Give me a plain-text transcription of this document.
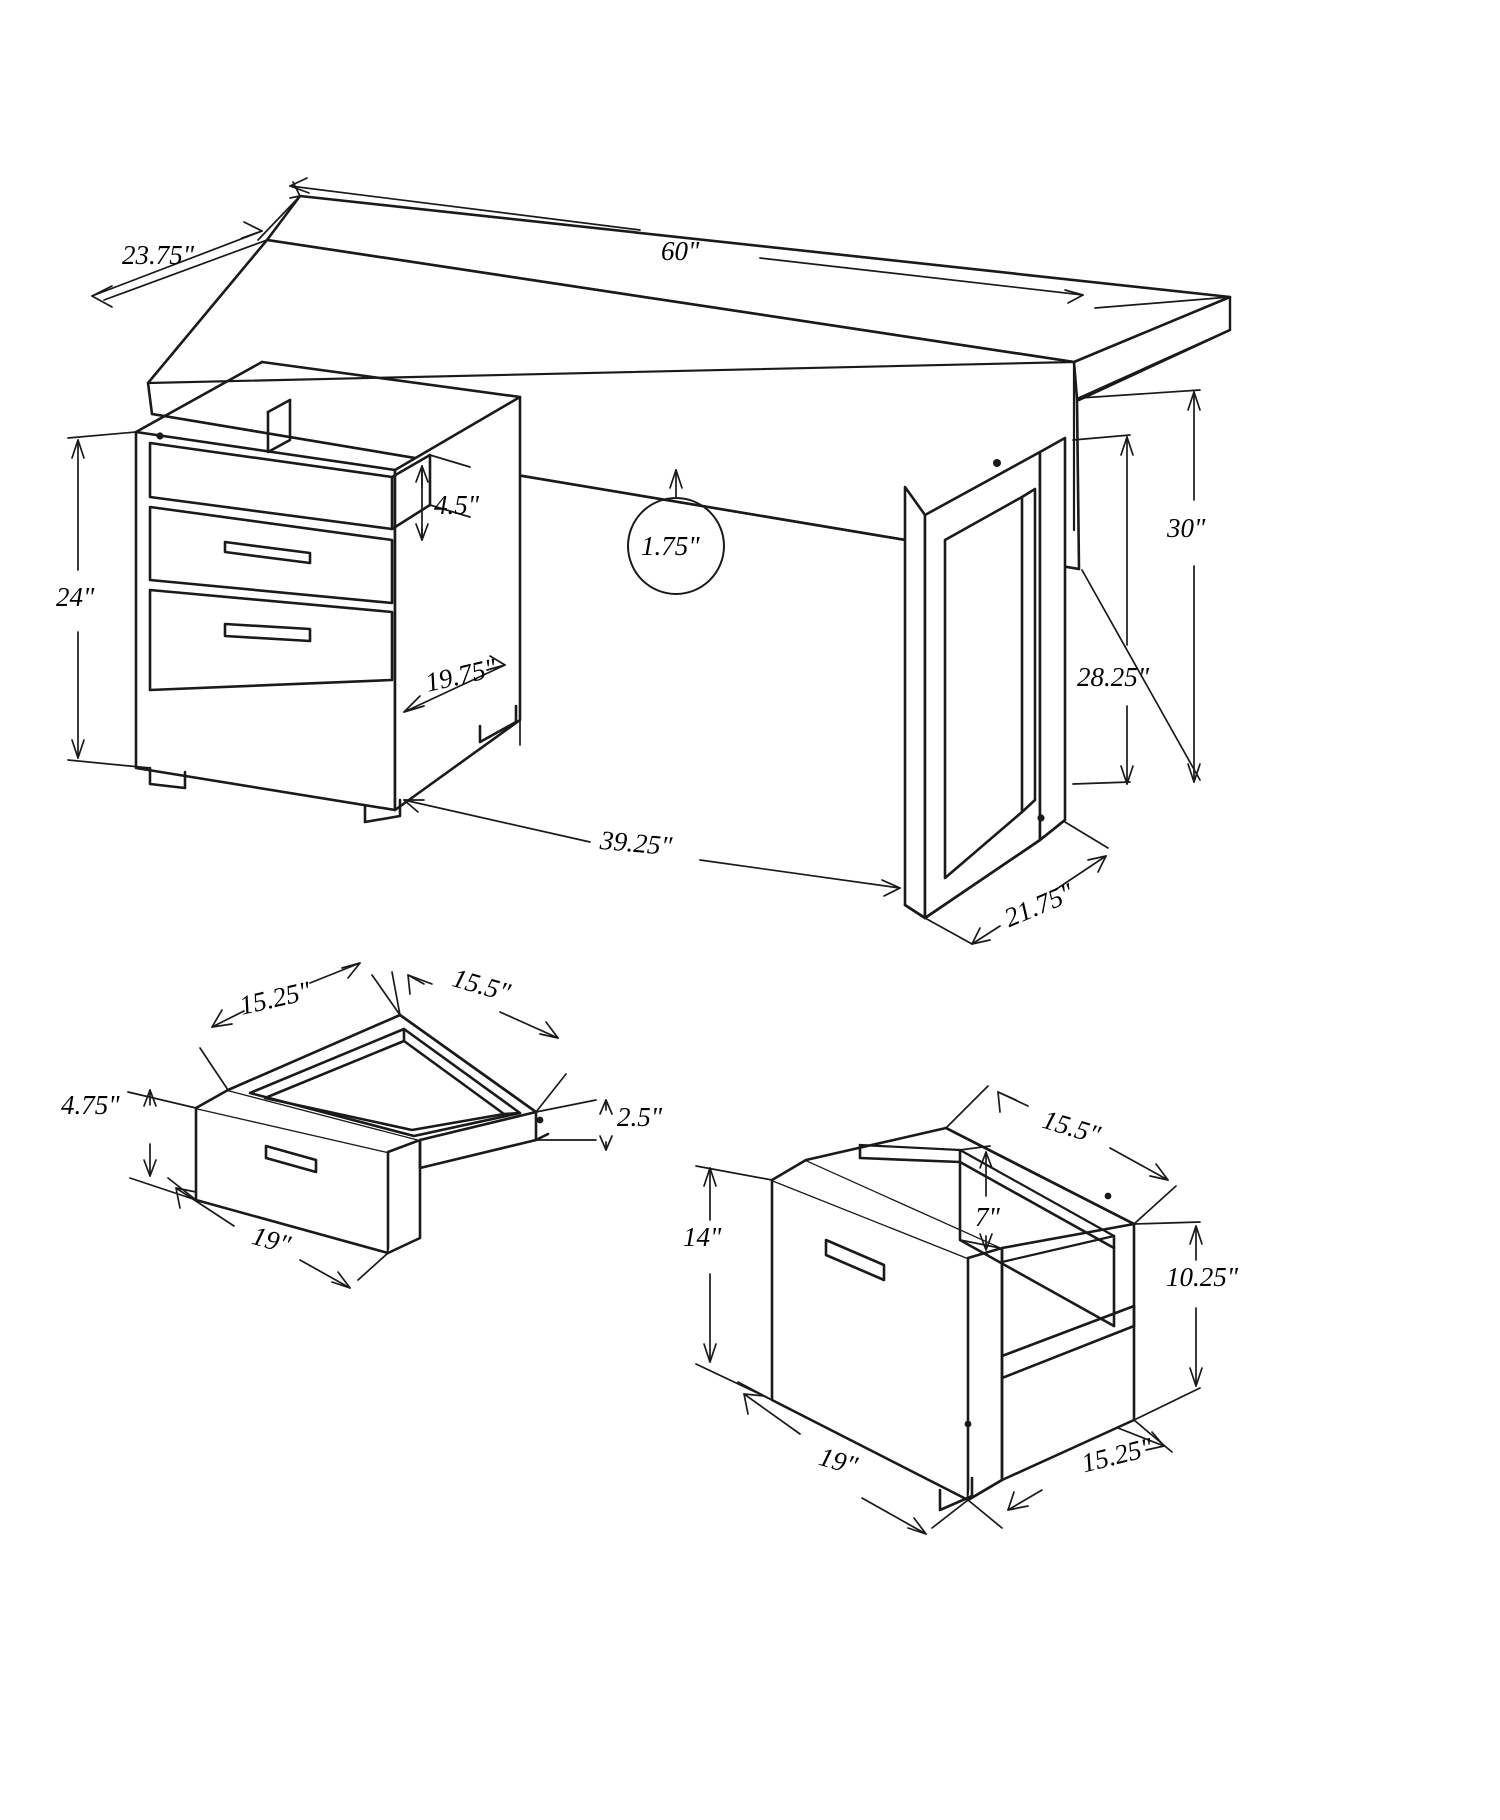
23.75"	60"
30"
28.25"
24"
4.5"
1.75"
19.75"
39.25"
21.75"
15.25"	15.5"
4.75"	2.5"
19"
15.5"
14"
7"
10.25"
19"	15.25"
